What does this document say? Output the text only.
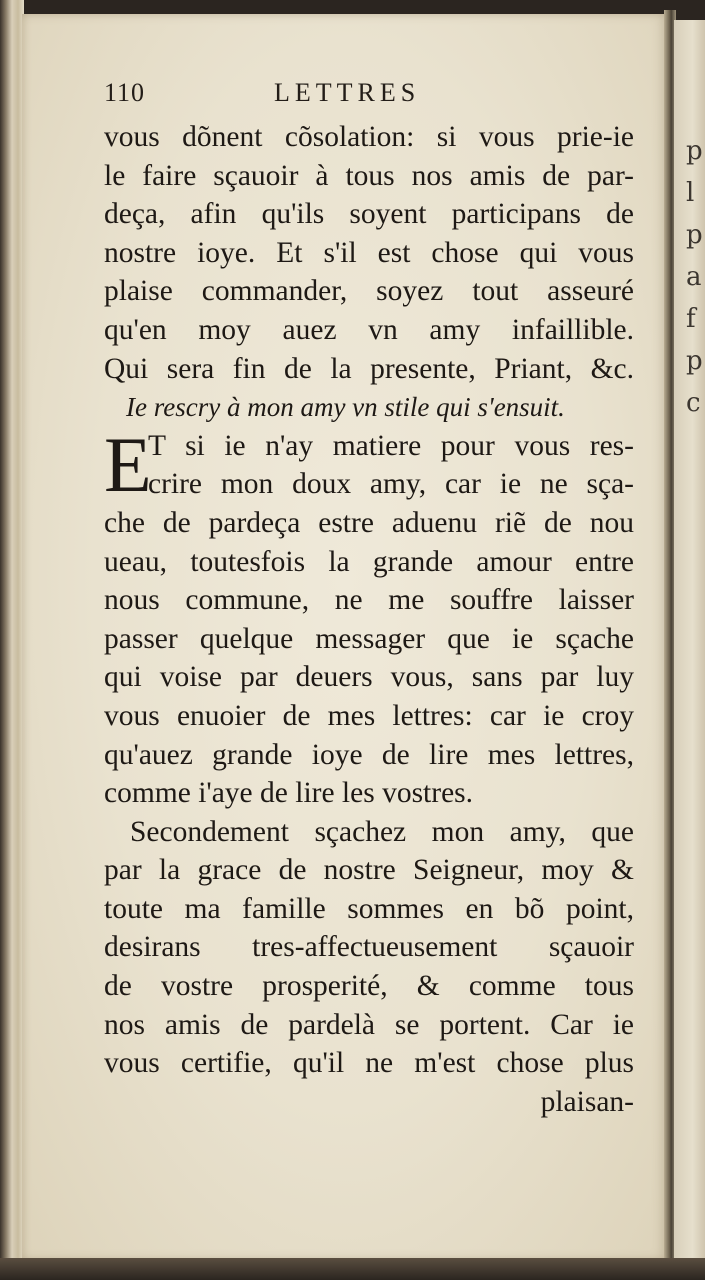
p
l
p
a
f
p
c
110	LETTRES
vous dõnent cõsolation: si vous prie-ie
le faire sçauoir à tous nos amis de par-
deça, afin qu'ils soyent participans de
nostre ioye. Et s'il est chose qui vous
plaise commander, soyez tout asseuré
qu'en moy auez vn amy infaillible.
Qui sera fin de la presente, Priant, &c.
Ie rescry à mon amy vn stile qui s'ensuit.
E
T si ie n'ay matiere pour vous res-
crire mon doux amy, car ie ne sça-
che de pardeça estre aduenu riẽ de nou
ueau, toutesfois la grande amour entre
nous commune, ne me souffre laisser
passer quelque messager que ie sçache
qui voise par deuers vous, sans par luy
vous enuoier de mes lettres: car ie croy
qu'auez grande ioye de lire mes lettres,
comme i'aye de lire les vostres.
Secondement sçachez mon amy, que
par la grace de nostre Seigneur, moy &
toute ma famille sommes en bõ point,
desirans tres-affectueusement sçauoir
de vostre prosperité, & comme tous
nos amis de pardelà se portent. Car ie
vous certifie, qu'il ne m'est chose plus
plaisan-
